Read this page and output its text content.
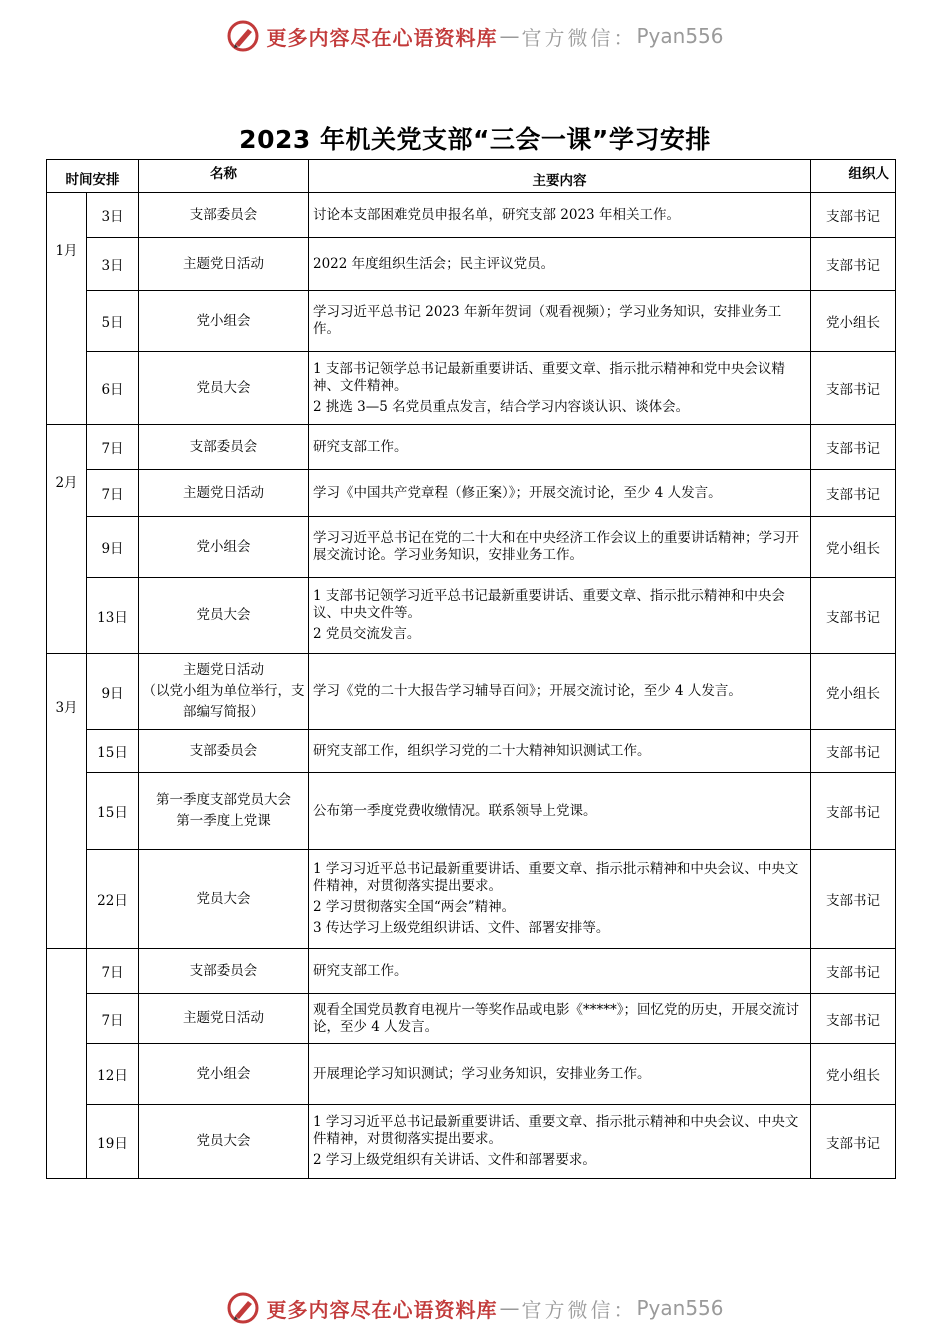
更多内容尽在心语资料库 — 官方微信： Pyan556
2023 年机关党支部“三会一课”学习安排
时间安排		名称	主要内容	组织人
1月	3日	支部委员会	讨论本支部困难党员申报名单，研究支部 2023 年相关工作。	支部书记
	3日	主题党日活动	2022 年度组织生活会；民主评议党员。	支部书记
	5日	党小组会	学习习近平总书记 2023 年新年贺词（观看视频）；学习业务知识，安排业务工作。	党小组长
	6日	党员大会	1 支部书记领学总书记最新重要讲话、重要文章、指示批示精神和党中央会议精神、文件精神。
2 挑选 3—5 名党员重点发言，结合学习内容谈认识、谈体会。	支部书记
2月	7日	支部委员会	研究支部工作。	支部书记
	7日	主题党日活动	学习《中国共产党章程（修正案）》；开展交流讨论，至少 4 人发言。	支部书记
	9日	党小组会	学习习近平总书记在党的二十大和在中央经济工作会议上的重要讲话精神；学习开展交流讨论。学习业务知识，安排业务工作。	党小组长
	13日	党员大会	1 支部书记领学习近平总书记最新重要讲话、重要文章、指示批示精神和中央会议、中央文件等。
2 党员交流发言。	支部书记
3月	9日	主题党日活动
（以党小组为单位举行，支部编写简报）	学习《党的二十大报告学习辅导百问》；开展交流讨论，至少 4 人发言。	党小组长
	15日	支部委员会	研究支部工作，组织学习党的二十大精神知识测试工作。	支部书记
	15日	第一季度支部党员大会
第一季度上党课	公布第一季度党费收缴情况。联系领导上党课。	支部书记
	22日	党员大会	1 学习习近平总书记最新重要讲话、重要文章、指示批示精神和中央会议、中央文件精神，对贯彻落实提出要求。
2 学习贯彻落实全国“两会”精神。
3 传达学习上级党组织讲话、文件、部署安排等。	支部书记
	7日	支部委员会	研究支部工作。	支部书记
	7日	主题党日活动	观看全国党员教育电视片一等奖作品或电影《*****》；回忆党的历史，开展交流讨论，至少 4 人发言。	支部书记
	12日	党小组会	开展理论学习知识测试；学习业务知识，安排业务工作。	党小组长
	19日	党员大会	1 学习习近平总书记最新重要讲话、重要文章、指示批示精神和中央会议、中央文件精神，对贯彻落实提出要求。
2 学习上级党组织有关讲话、文件和部署要求。	支部书记
更多内容尽在心语资料库 — 官方微信： Pyan556
